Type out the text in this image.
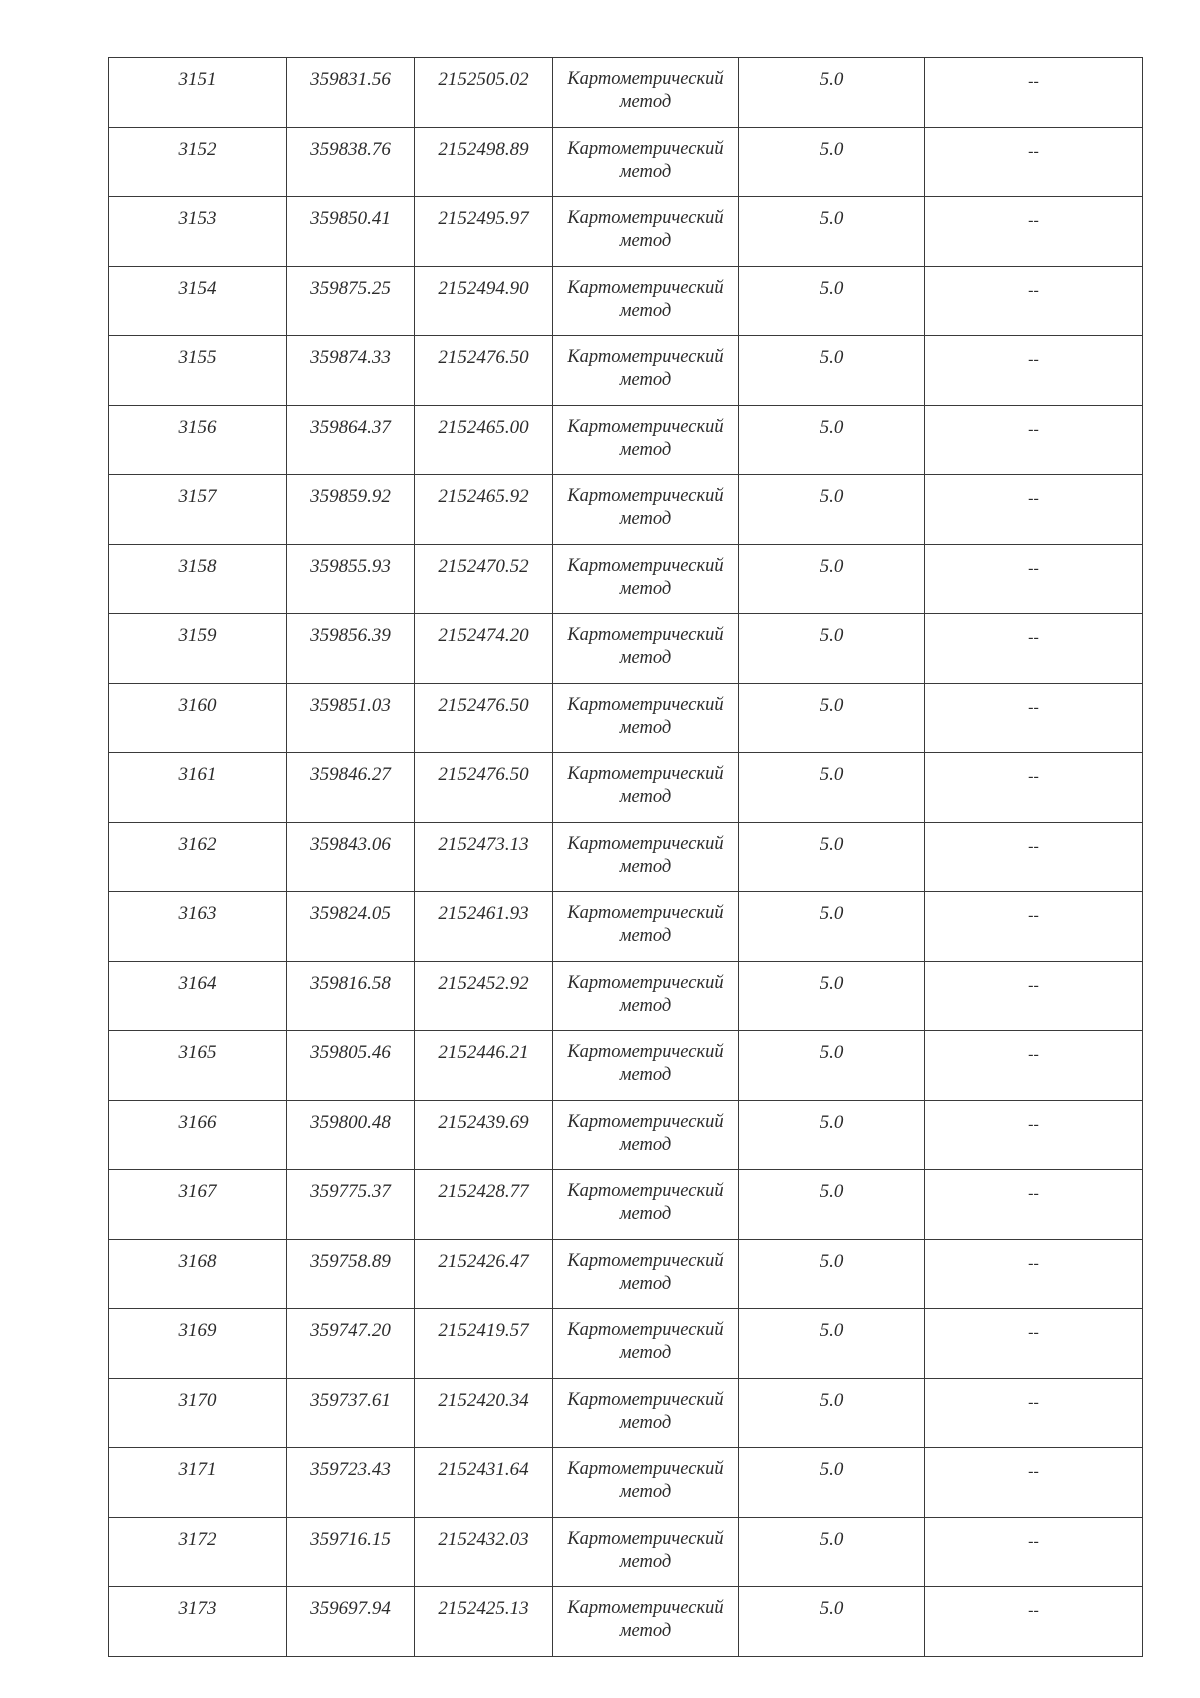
3151	359831.56	2152505.02	Картометрический метод	5.0	--

3152	359838.76	2152498.89	Картометрический метод	5.0	--

3153	359850.41	2152495.97	Картометрический метод	5.0	--

3154	359875.25	2152494.90	Картометрический метод	5.0	--

3155	359874.33	2152476.50	Картометрический метод	5.0	--

3156	359864.37	2152465.00	Картометрический метод	5.0	--

3157	359859.92	2152465.92	Картометрический метод	5.0	--

3158	359855.93	2152470.52	Картометрический метод	5.0	--

3159	359856.39	2152474.20	Картометрический метод	5.0	--

3160	359851.03	2152476.50	Картометрический метод	5.0	--

3161	359846.27	2152476.50	Картометрический метод	5.0	--

3162	359843.06	2152473.13	Картометрический метод	5.0	--

3163	359824.05	2152461.93	Картометрический метод	5.0	--

3164	359816.58	2152452.92	Картометрический метод	5.0	--

3165	359805.46	2152446.21	Картометрический метод	5.0	--

3166	359800.48	2152439.69	Картометрический метод	5.0	--

3167	359775.37	2152428.77	Картометрический метод	5.0	--

3168	359758.89	2152426.47	Картометрический метод	5.0	--

3169	359747.20	2152419.57	Картометрический метод	5.0	--

3170	359737.61	2152420.34	Картометрический метод	5.0	--

3171	359723.43	2152431.64	Картометрический метод	5.0	--

3172	359716.15	2152432.03	Картометрический метод	5.0	--

3173	359697.94	2152425.13	Картометрический метод	5.0	--
